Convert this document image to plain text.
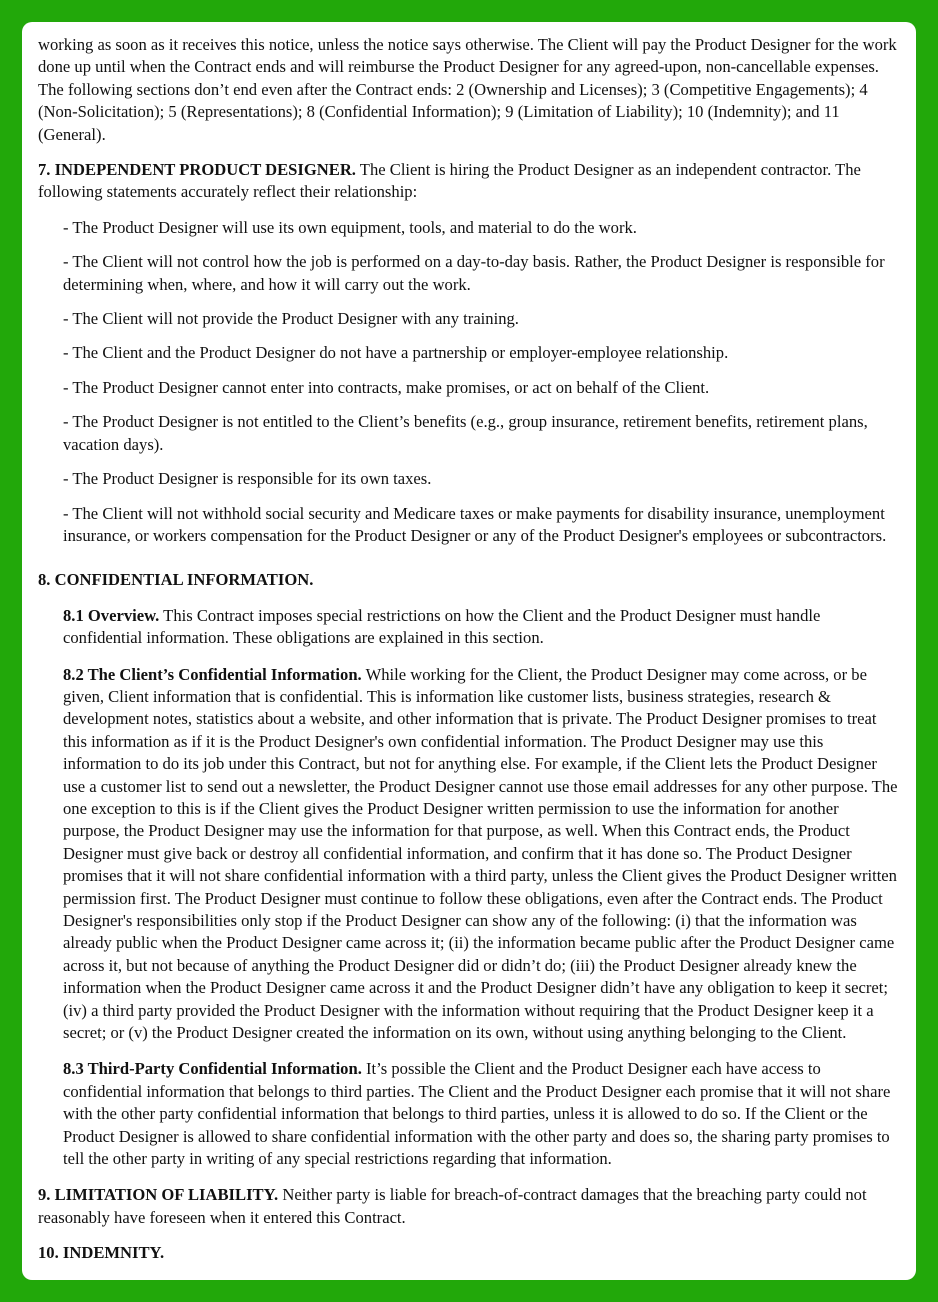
working as soon as it receives this notice, unless the notice says otherwise. The Client will pay the Product Designer for the work done up until when the Contract ends and will reimburse the Product Designer for any agreed-upon, non-cancellable expenses. The following sections don’t end even after the Contract ends: 2 (Ownership and Licenses); 3 (Competitive Engagements); 4 (Non-Solicitation); 5 (Representations); 8 (Confidential Information); 9 (Limitation of Liability); 10 (Indemnity); and 11 (General).

7. INDEPENDENT PRODUCT DESIGNER. The Client is hiring the Product Designer as an independent contractor. The following statements accurately reflect their relationship:

- The Product Designer will use its own equipment, tools, and material to do the work.

- The Client will not control how the job is performed on a day-to-day basis. Rather, the Product Designer is responsible for determining when, where, and how it will carry out the work.

- The Client will not provide the Product Designer with any training.

- The Client and the Product Designer do not have a partnership or employer-employee relationship.

- The Product Designer cannot enter into contracts, make promises, or act on behalf of the Client.

- The Product Designer is not entitled to the Client’s benefits (e.g., group insurance, retirement benefits, retirement plans, vacation days).

- The Product Designer is responsible for its own taxes.

- The Client will not withhold social security and Medicare taxes or make payments for disability insurance, unemployment insurance, or workers compensation for the Product Designer or any of the Product Designer's employees or subcontractors.

8. CONFIDENTIAL INFORMATION.

8.1 Overview. This Contract imposes special restrictions on how the Client and the Product Designer must handle confidential information. These obligations are explained in this section.

8.2 The Client’s Confidential Information. While working for the Client, the Product Designer may come across, or be given, Client information that is confidential. This is information like customer lists, business strategies, research & development notes, statistics about a website, and other information that is private. The Product Designer promises to treat this information as if it is the Product Designer's own confidential information. The Product Designer may use this information to do its job under this Contract, but not for anything else. For example, if the Client lets the Product Designer use a customer list to send out a newsletter, the Product Designer cannot use those email addresses for any other purpose. The one exception to this is if the Client gives the Product Designer written permission to use the information for another purpose, the Product Designer may use the information for that purpose, as well. When this Contract ends, the Product Designer must give back or destroy all confidential information, and confirm that it has done so. The Product Designer promises that it will not share confidential information with a third party, unless the Client gives the Product Designer written permission first. The Product Designer must continue to follow these obligations, even after the Contract ends. The Product Designer's responsibilities only stop if the Product Designer can show any of the following: (i) that the information was already public when the Product Designer came across it; (ii) the information became public after the Product Designer came across it, but not because of anything the Product Designer did or didn’t do; (iii) the Product Designer already knew the information when the Product Designer came across it and the Product Designer didn’t have any obligation to keep it secret; (iv) a third party provided the Product Designer with the information without requiring that the Product Designer keep it a secret; or (v) the Product Designer created the information on its own, without using anything belonging to the Client.

8.3 Third-Party Confidential Information. It’s possible the Client and the Product Designer each have access to confidential information that belongs to third parties. The Client and the Product Designer each promise that it will not share with the other party confidential information that belongs to third parties, unless it is allowed to do so. If the Client or the Product Designer is allowed to share confidential information with the other party and does so, the sharing party promises to tell the other party in writing of any special restrictions regarding that information.

9. LIMITATION OF LIABILITY. Neither party is liable for breach-of-contract damages that the breaching party could not reasonably have foreseen when it entered this Contract.

10. INDEMNITY.
